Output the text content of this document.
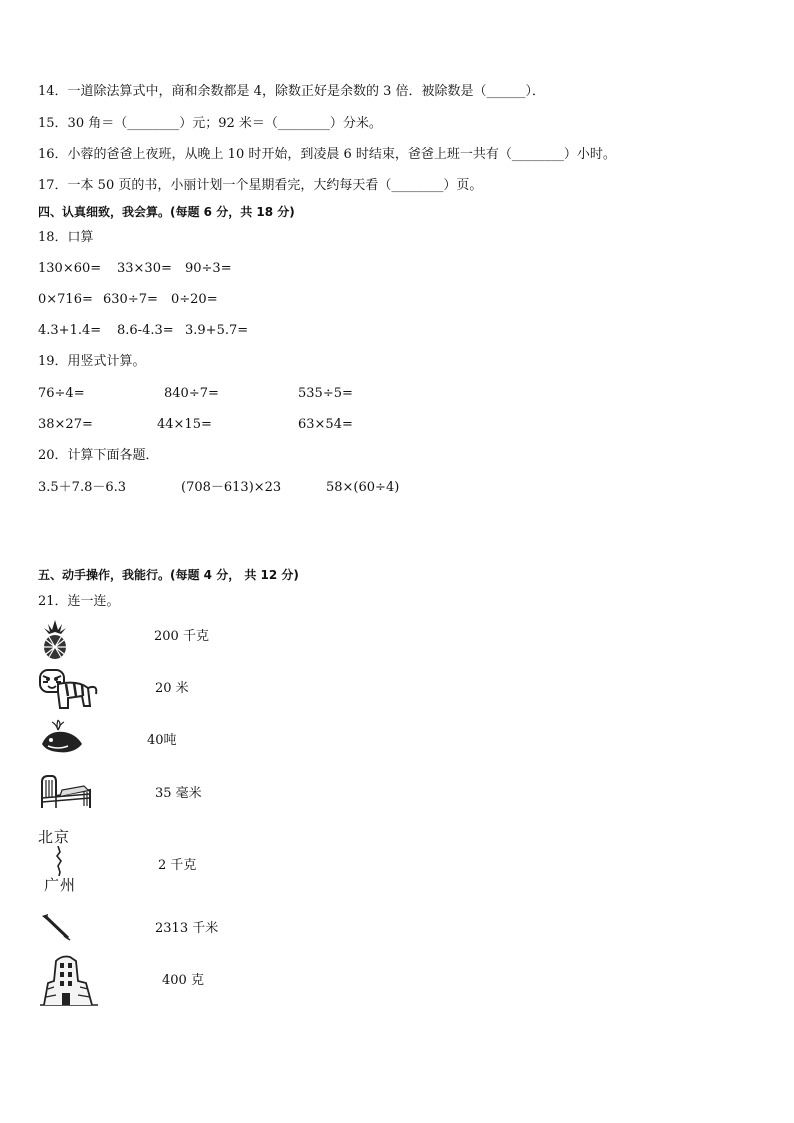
14．一道除法算式中，商和余数都是 4，除数正好是余数的 3 倍．被除数是（______）．
15．30 角＝（________）元；92 米＝（________）分米。
16．小蓉的爸爸上夜班，从晚上 10 时开始，到凌晨 6 时结束，爸爸上班一共有（________）小时。
17．一本 50 页的书，小丽计划一个星期看完，大约每天看（________）页。
四、认真细致，我会算。(每题 6 分，共 18 分)
18．口算
130×60= 33×30= 90÷3=
0×716= 630÷7= 0÷20=
4.3+1.4= 8.6-4.3= 3.9+5.7=
19．用竖式计算。
76÷4=	840÷7=	535÷5=
38×27=	44×15=	63×54=
20．计算下面各题．
3.5＋7.8－6.3	(708－613)×23	58×(60÷4)
五、动手操作，我能行。(每题 4 分， 共 12 分)
21．连一连。
北京
广州
200 千克
20 米
40吨
35 毫米
2 千克
2313 千米
400 克
